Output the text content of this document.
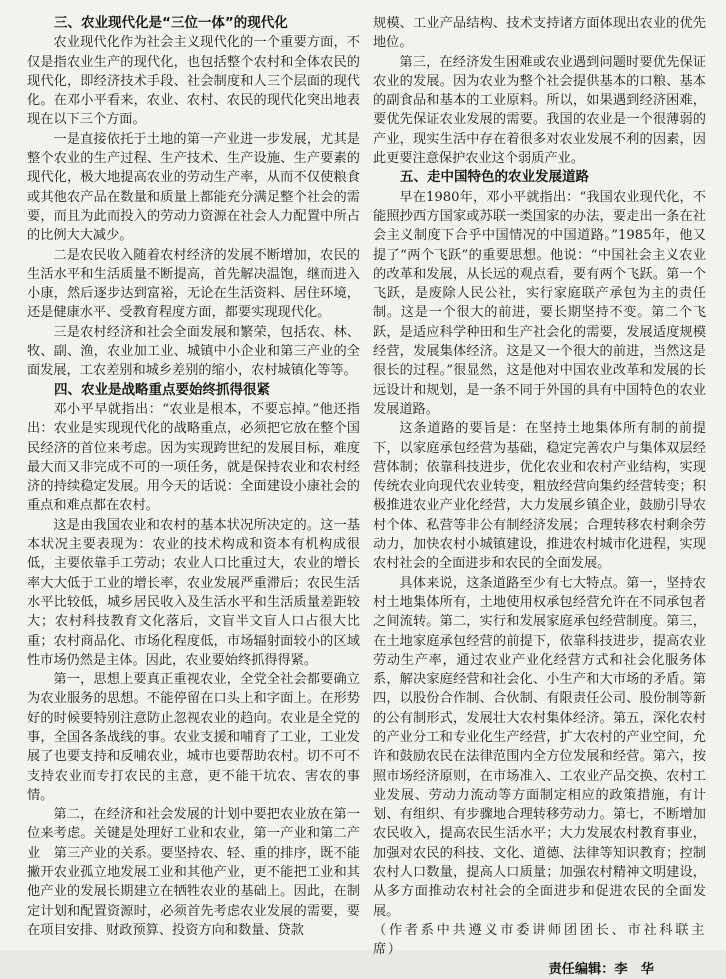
三、农业现代化是“三位一体”的现代化

农业现代化作为社会主义现代化的一个重要方面，不仅是指农业生产的现代化，也包括整个农村和全体农民的现代化，即经济技术手段、社会制度和人三个层面的现代化。在邓小平看来，农业、农村、农民的现代化突出地表现在以下三个方面。

一是直接依托于土地的第一产业进一步发展，尤其是整个农业的生产过程、生产技术、生产设施、生产要素的现代化，极大地提高农业的劳动生产率，从而不仅使粮食或其他农产品在数量和质量上都能充分满足整个社会的需要，而且为此而投入的劳动力资源在社会人力配置中所占的比例大大减少。

二是农民收入随着农村经济的发展不断增加，农民的生活水平和生活质量不断提高，首先解决温饱，继而进入小康，然后逐步达到富裕，无论在生活资料、居住环境，还是健康水平、受教育程度方面，都要实现现代化。

三是农村经济和社会全面发展和繁荣，包括农、林、牧、副、渔，农业加工业、城镇中小企业和第三产业的全面发展，工农差别和城乡差别的缩小，农村城镇化等等。

四、农业是战略重点要始终抓得很紧

邓小平早就指出：“农业是根本，不要忘掉。”他还指出：农业是实现现代化的战略重点，必须把它放在整个国民经济的首位来考虑。因为实现跨世纪的发展目标，难度最大而又非完成不可的一项任务，就是保持农业和农村经济的持续稳定发展。用今天的话说：全面建设小康社会的重点和难点都在农村。

这是由我国农业和农村的基本状况所决定的。这一基本状况主要表现为：农业的技术构成和资本有机构成很低，主要依靠手工劳动；农业人口比重过大，农业的增长率大大低于工业的增长率，农业发展严重滞后；农民生活水平比较低，城乡居民收入及生活水平和生活质量差距较大；农村科技教育文化落后，文盲半文盲人口占很大比重；农村商品化、市场化程度低，市场辐射面较小的区域性市场仍然是主体。因此，农业要始终抓得得紧。

第一，思想上要真正重视农业，全党全社会都要确立为农业服务的思想。不能停留在口头上和字面上。在形势好的时候要特别注意防止忽视农业的趋向。农业是全党的事，全国各条战线的事。农业支援和哺育了工业，工业发展了也要支持和反哺农业，城市也要帮助农村。切不可不支持农业而专打农民的主意，更不能干坑农、害农的事情。

第二，在经济和社会发展的计划中要把农业放在第一位来考虑。关键是处理好工业和农业，第一产业和第二产业　第三产业的关系。要坚持农、轻、重的排序，既不能撇开农业孤立地发展工业和其他产业，更不能把工业和其他产业的发展长期建立在牺牲农业的基础上。因此，在制定计划和配置资源时，必须首先考虑农业发展的需要，要在项目安排、财政预算、投资方向和数量、贷款

规模、工业产品结构、技术支持诸方面体现出农业的优先地位。

第三，在经济发生困难或农业遇到问题时要优先保证农业的发展。因为农业为整个社会提供基本的口粮、基本的副食品和基本的工业原料。所以，如果遇到经济困难，要优先保证农业发展的需要。我国的农业是一个很薄弱的产业，现实生活中存在着很多对农业发展不利的因素，因此更要注意保护农业这个弱质产业。

五、走中国特色的农业发展道路

早在1980年，邓小平就指出：“我国农业现代化，不能照抄西方国家或苏联一类国家的办法，要走出一条在社会主义制度下合乎中国情况的中国道路。”1985年，他又提了“两个飞跃”的重要思想。他说：“中国社会主义农业的改革和发展，从长远的观点看，要有两个飞跃。第一个飞跃，是废除人民公社，实行家庭联产承包为主的责任制。这是一个很大的前进，要长期坚持不变。第二个飞跃，是适应科学种田和生产社会化的需要，发展适度规模经营，发展集体经济。这是又一个很大的前进，当然这是很长的过程。”很显然，这是他对中国农业改革和发展的长远设计和规划，是一条不同于外国的具有中国特色的农业发展道路。

这条道路的要旨是：在坚持土地集体所有制的前提下，以家庭承包经营为基础，稳定完善农户与集体双层经营体制；依靠科技进步，优化农业和农村产业结构，实现传统农业向现代农业转变，粗放经营向集约经营转变；积极推进农业产业化经营，大力发展乡镇企业，鼓励引导农村个体、私营等非公有制经济发展；合理转移农村剩余劳动力，加快农村小城镇建设，推进农村城市化进程，实现农村社会的全面进步和农民的全面发展。

具体来说，这条道路至少有七大特点。第一，坚持农村土地集体所有，土地使用权承包经营允许在不同承包者之间流转。第二，实行和发展家庭承包经营制度。第三，在土地家庭承包经营的前提下，依靠科技进步，提高农业劳动生产率，通过农业产业化经营方式和社会化服务体系，解决家庭经营和社会化、小生产和大市场的矛盾。第四，以股份合作制、合伙制、有限责任公司、股份制等新的公有制形式，发展壮大农村集体经济。第五，深化农村的产业分工和专业化生产经营，扩大农村的产业空间，允许和鼓励农民在法律范围内全方位发展和经营。第六，按照市场经济原则，在市场准入、工农业产品交换、农村工业发展、劳动力流动等方面制定相应的政策措施，有计划、有组织、有步骤地合理转移劳动力。第七，不断增加农民收入，提高农民生活水平；大力发展农村教育事业，加强对农民的科技、文化、道德、法律等知识教育；控制农村人口数量，提高人口质量；加强农村精神文明建设，从多方面推动农村社会的全面进步和促进农民的全面发展。

（作者系中共遵义市委讲师团团长、市社科联主席）

责任编辑：李　华
